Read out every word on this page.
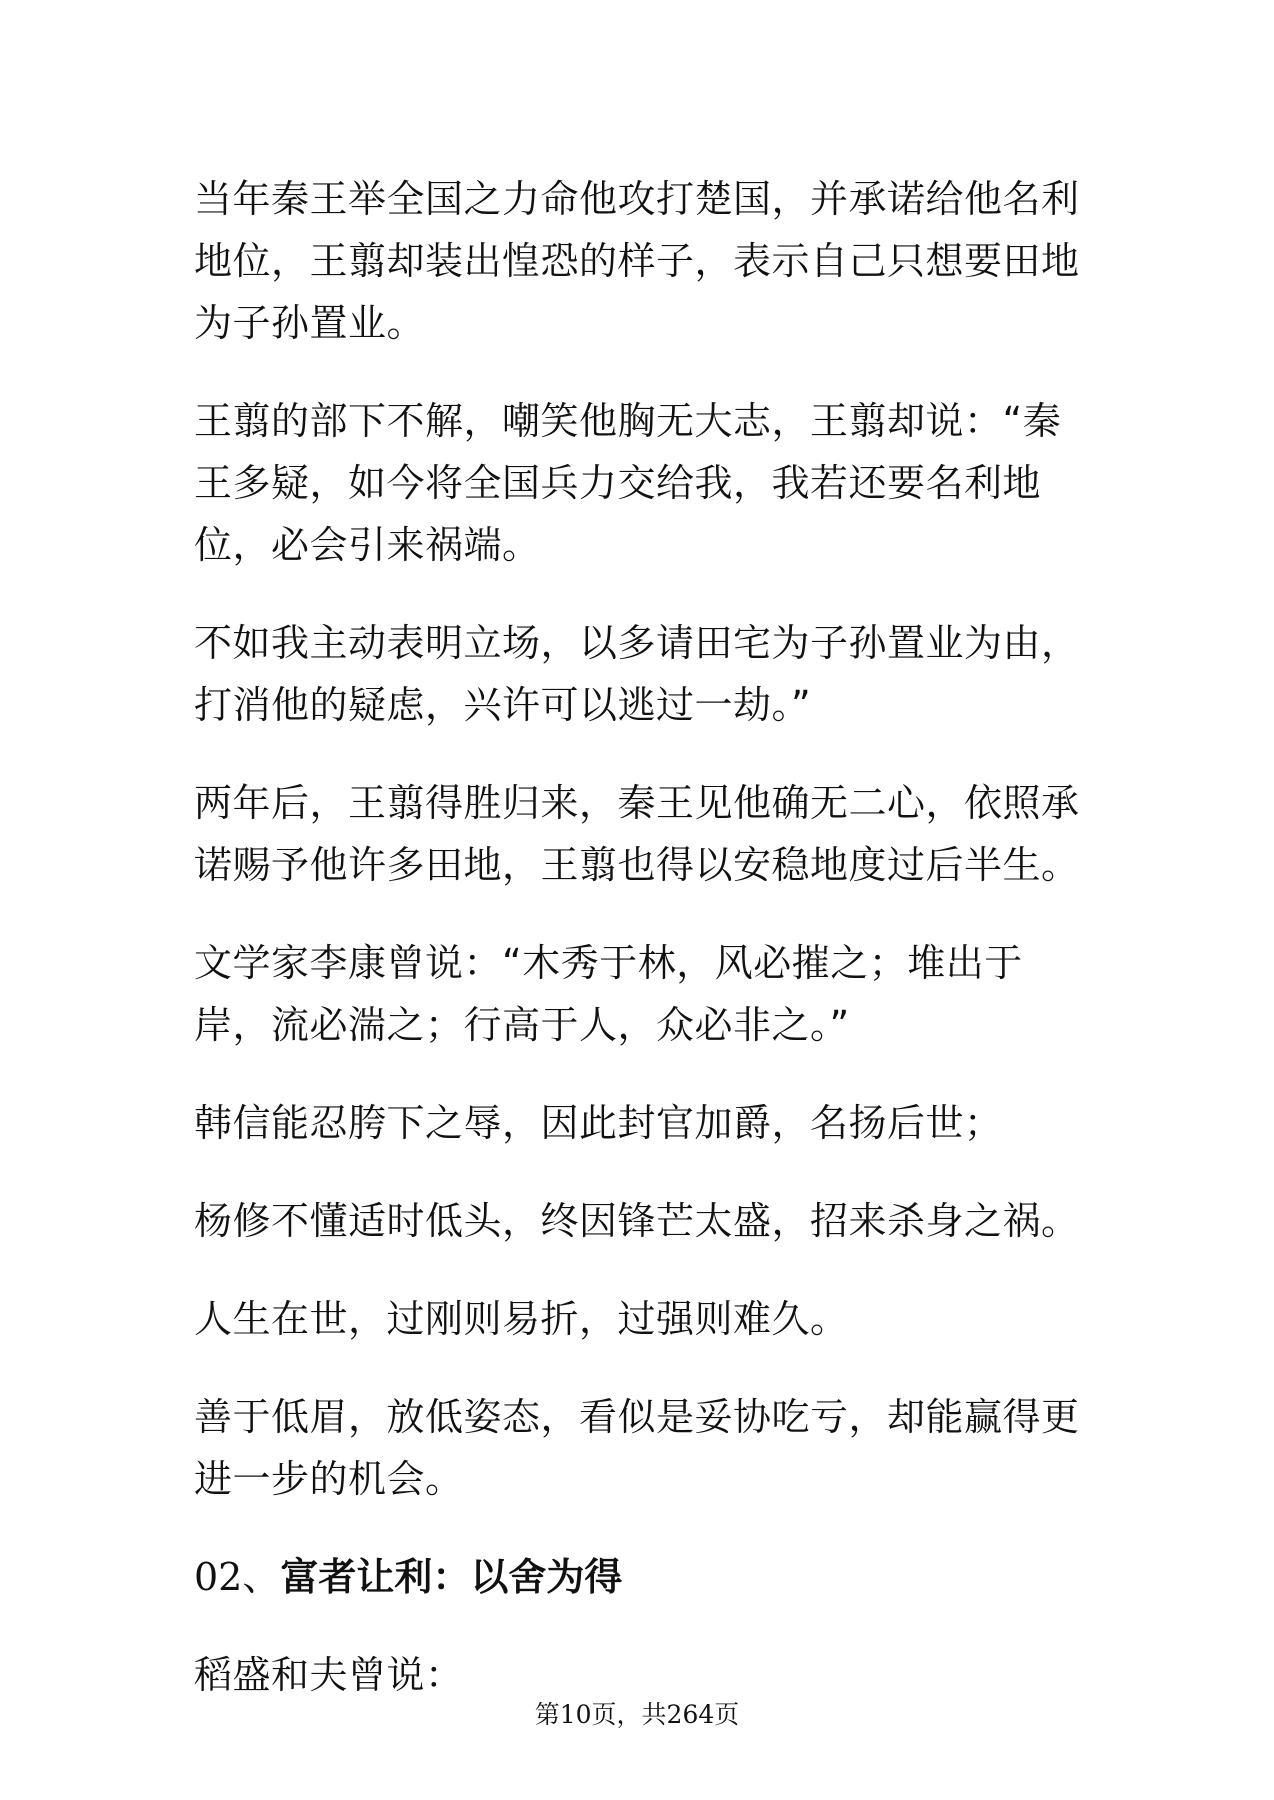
当年秦王举全国之力命他攻打楚国，并承诺给他名利地位，王翦却装出惶恐的样子，表示自己只想要田地为子孙置业。

王翦的部下不解，嘲笑他胸无大志，王翦却说：“秦王多疑，如今将全国兵力交给我，我若还要名利地位，必会引来祸端。

不如我主动表明立场，以多请田宅为子孙置业为由，打消他的疑虑，兴许可以逃过一劫。”

两年后，王翦得胜归来，秦王见他确无二心，依照承诺赐予他许多田地，王翦也得以安稳地度过后半生。

文学家李康曾说：“木秀于林，风必摧之；堆出于岸，流必湍之；行高于人，众必非之。”

韩信能忍胯下之辱，因此封官加爵，名扬后世；

杨修不懂适时低头，终因锋芒太盛，招来杀身之祸。

人生在世，过刚则易折，过强则难久。

善于低眉，放低姿态，看似是妥协吃亏，却能赢得更进一步的机会。

02、富者让利：以舍为得

稻盛和夫曾说：

第10页，共264页
